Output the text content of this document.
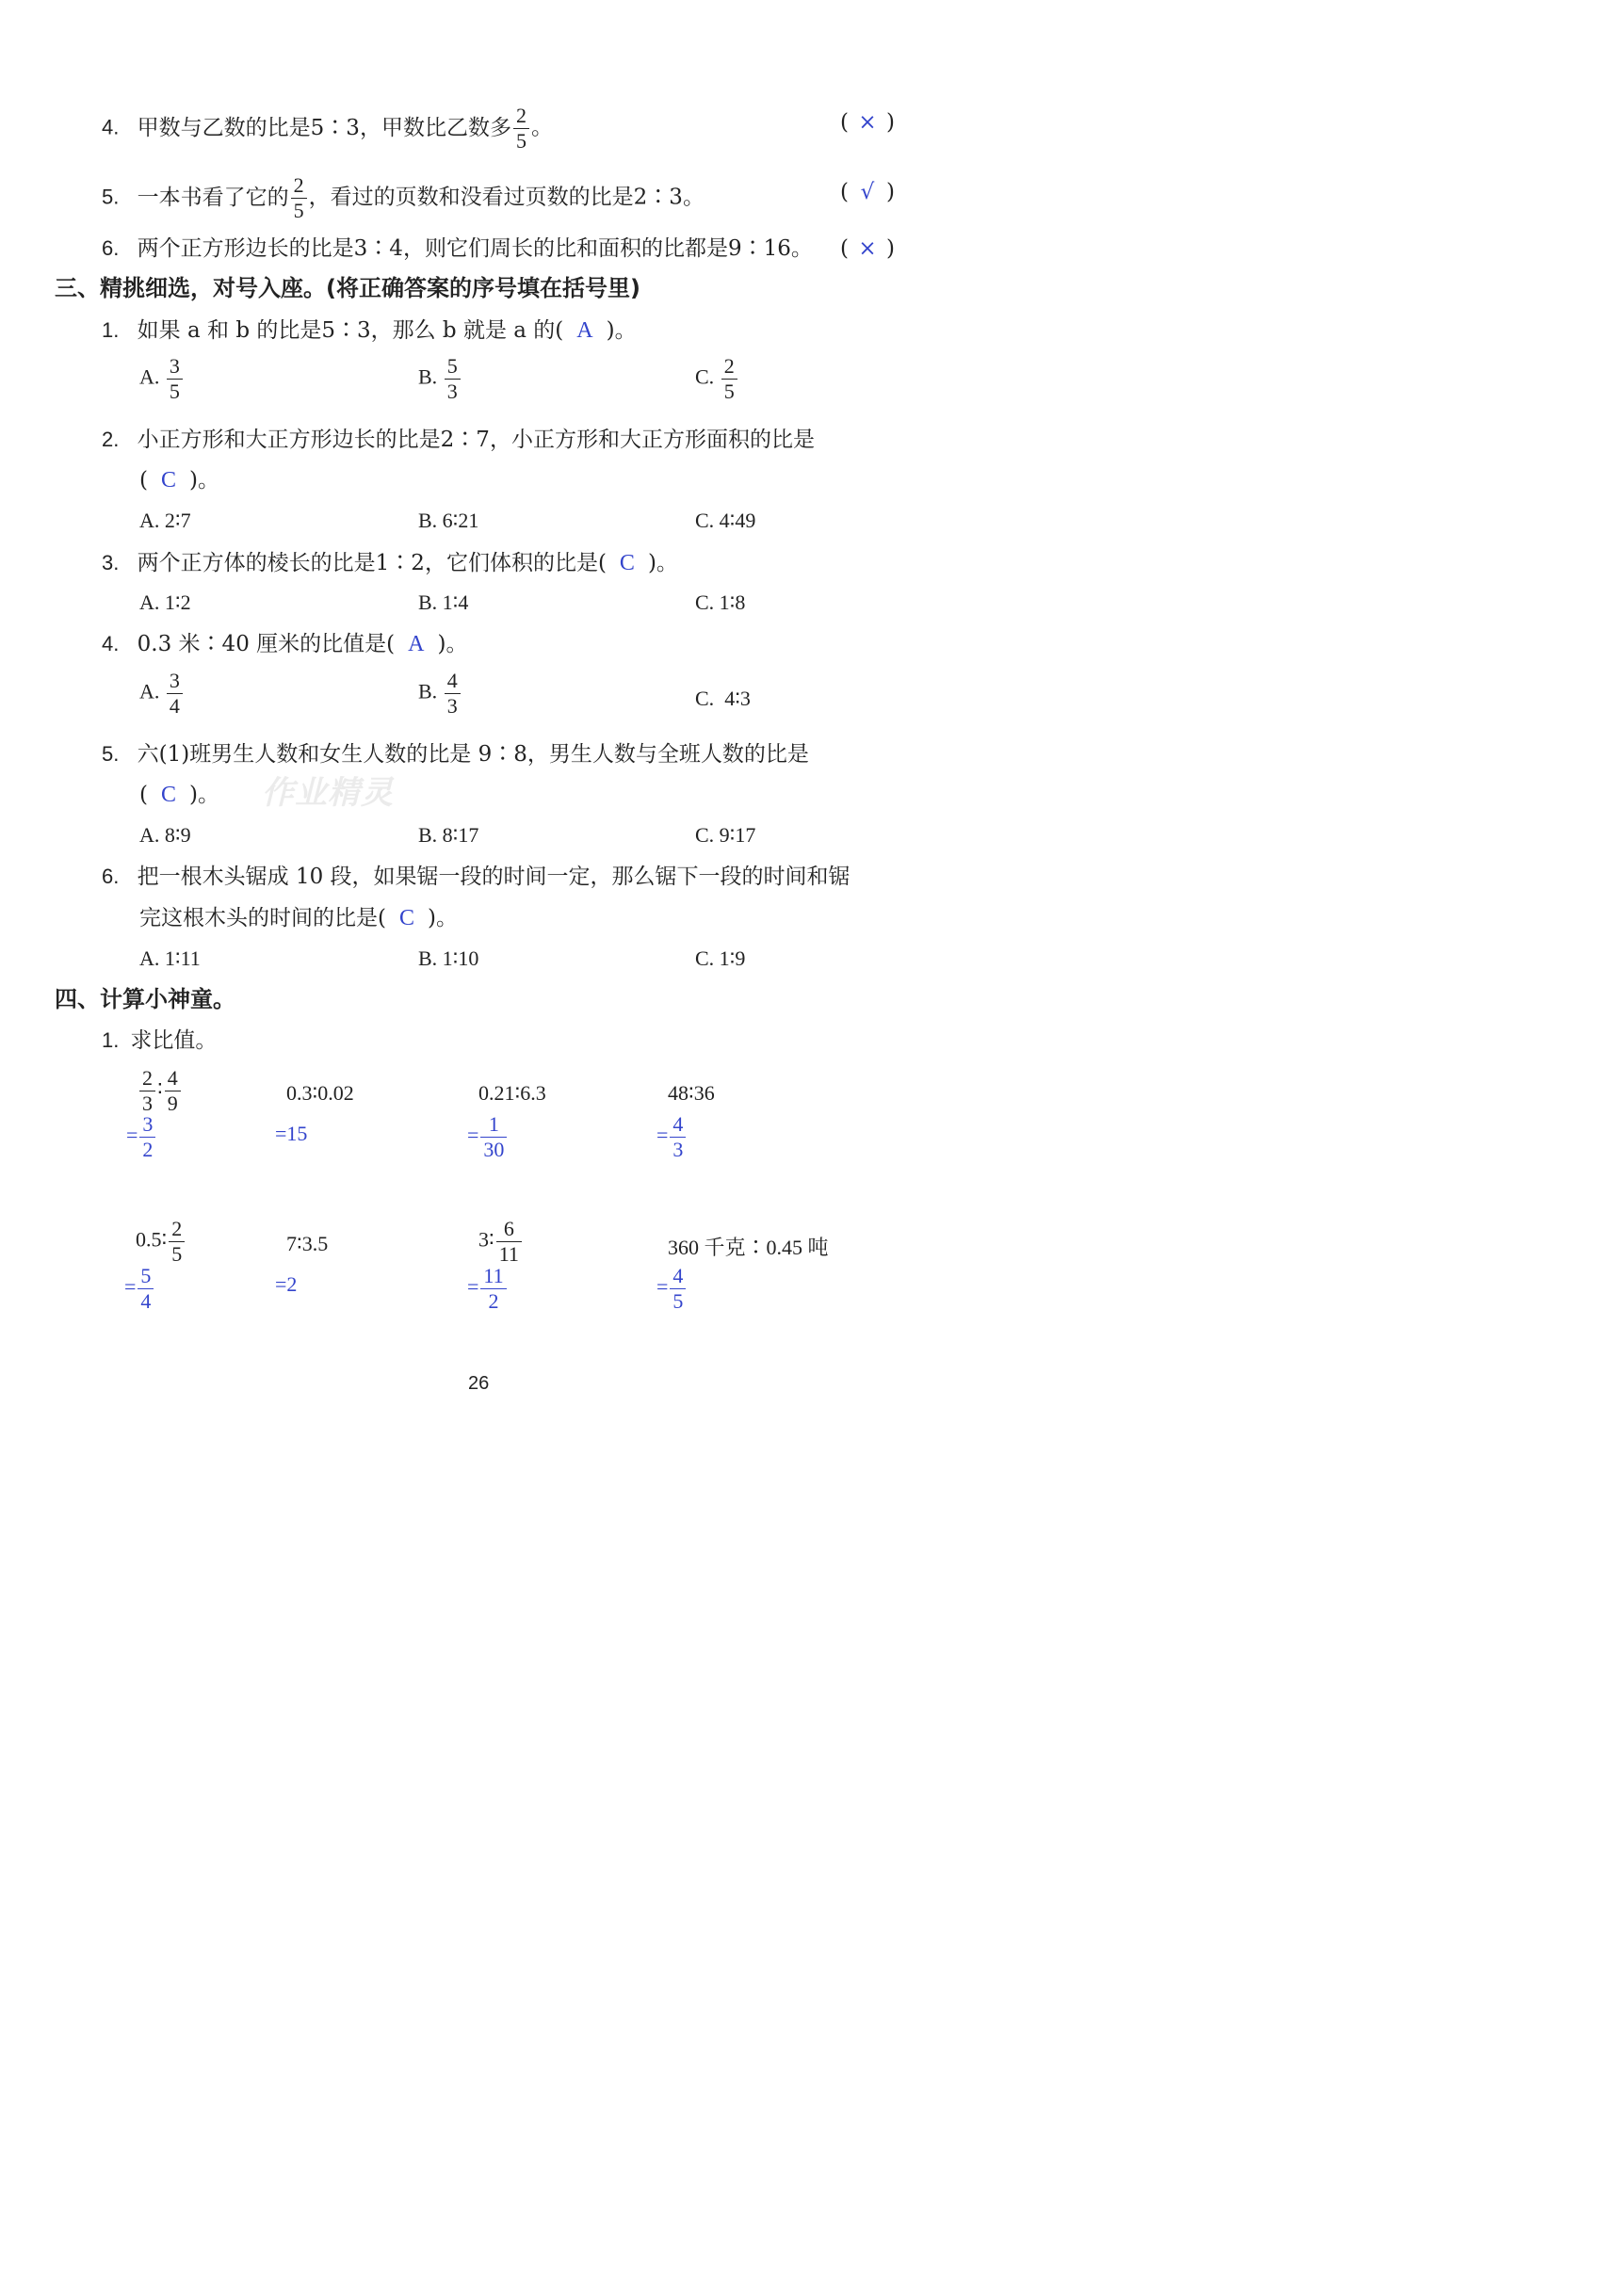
4. 甲数与乙数的比是5∶3，甲数比乙数多 $\frac{2}{5}$ 。	( × )
5. 一本书看了它的 $\frac{2}{5}$ ，看过的页数和没看过页数的比是2∶3。	( √ )
6. 两个正方形边长的比是3∶4，则它们周长的比和面积的比都是9∶16。 ( × )
三、精挑细选，对号入座。(将正确答案的序号填在括号里)
1. 如果 a 和 b 的比是5∶3，那么 b 就是 a 的( A )。
A. $\frac{3}{5}$	B. $\frac{5}{3}$	C. $\frac{2}{5}$
2. 小正方形和大正方形边长的比是2∶7，小正方形和大正方形面积的比是
( C )。
A. 2∶7	B. 6∶21	C. 4∶49
3. 两个正方体的棱长的比是1∶2，它们体积的比是( C )。
A. 1∶2	B. 1∶4	C. 1∶8
4. 0.3 米∶40 厘米的比值是( A )。
A. $\frac{3}{4}$	B. $\frac{4}{3}$	C. 4∶3
5. 六(1)班男生人数和女生人数的比是 9∶8，男生人数与全班人数的比是
( C )。 作业精灵
A. 8∶9	B. 8∶17	C. 9∶17
6. 把一根木头锯成 10 段，如果锯一段的时间一定，那么锯下一段的时间和锯
完这根木头的时间的比是( C )。
A. 1∶11	B. 1∶10	C. 1∶9
四、计算小神童。
1. 求比值。
$\frac{2}{3}$ ∶ $\frac{4}{9}$
= $\frac{3}{2}$
0.3∶0.02
=15
0.21∶6.3
= $\frac{1}{30}$
48∶36
= $\frac{4}{3}$
0.5∶ $\frac{2}{5}$
= $\frac{5}{4}$
7∶3.5
=2
3∶ $\frac{6}{11}$
= $\frac{11}{2}$
360 千克∶0.45 吨
= $\frac{4}{5}$
26
